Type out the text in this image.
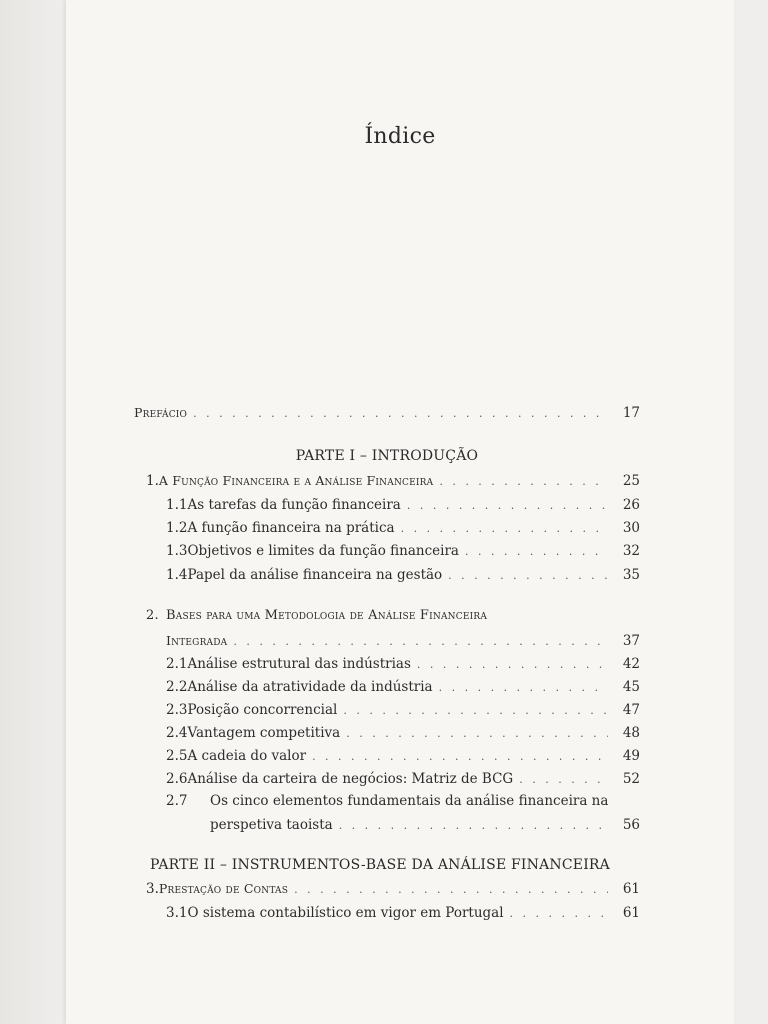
Índice
Prefácio . . .	17
PARTE I – INTRODUÇÃO
1. A Função Financeira e a Análise Financeira . . .	25
1.1 As tarefas da função financeira . . .	26
1.2 A função financeira na prática . . .	30
1.3 Objetivos e limites da função financeira . . .	32
1.4 Papel da análise financeira na gestão . . .	35
2. Bases para uma Metodologia de Análise Financeira
Integrada . . .	37
2.1 Análise estrutural das indústrias . . .	42
2.2 Análise da atratividade da indústria . . .	45
2.3 Posição concorrencial . . .	47
2.4 Vantagem competitiva . . .	48
2.5 A cadeia do valor . . .	49
2.6 Análise da carteira de negócios: Matriz de BCG . . .	52
2.7 Os cinco elementos fundamentais da análise financeira na
perspetiva taoista . . .	56
PARTE II – INSTRUMENTOS-BASE DA ANÁLISE FINANCEIRA
3. Prestação de Contas . . .	61
3.1 O sistema contabilístico em vigor em Portugal . . .	61
